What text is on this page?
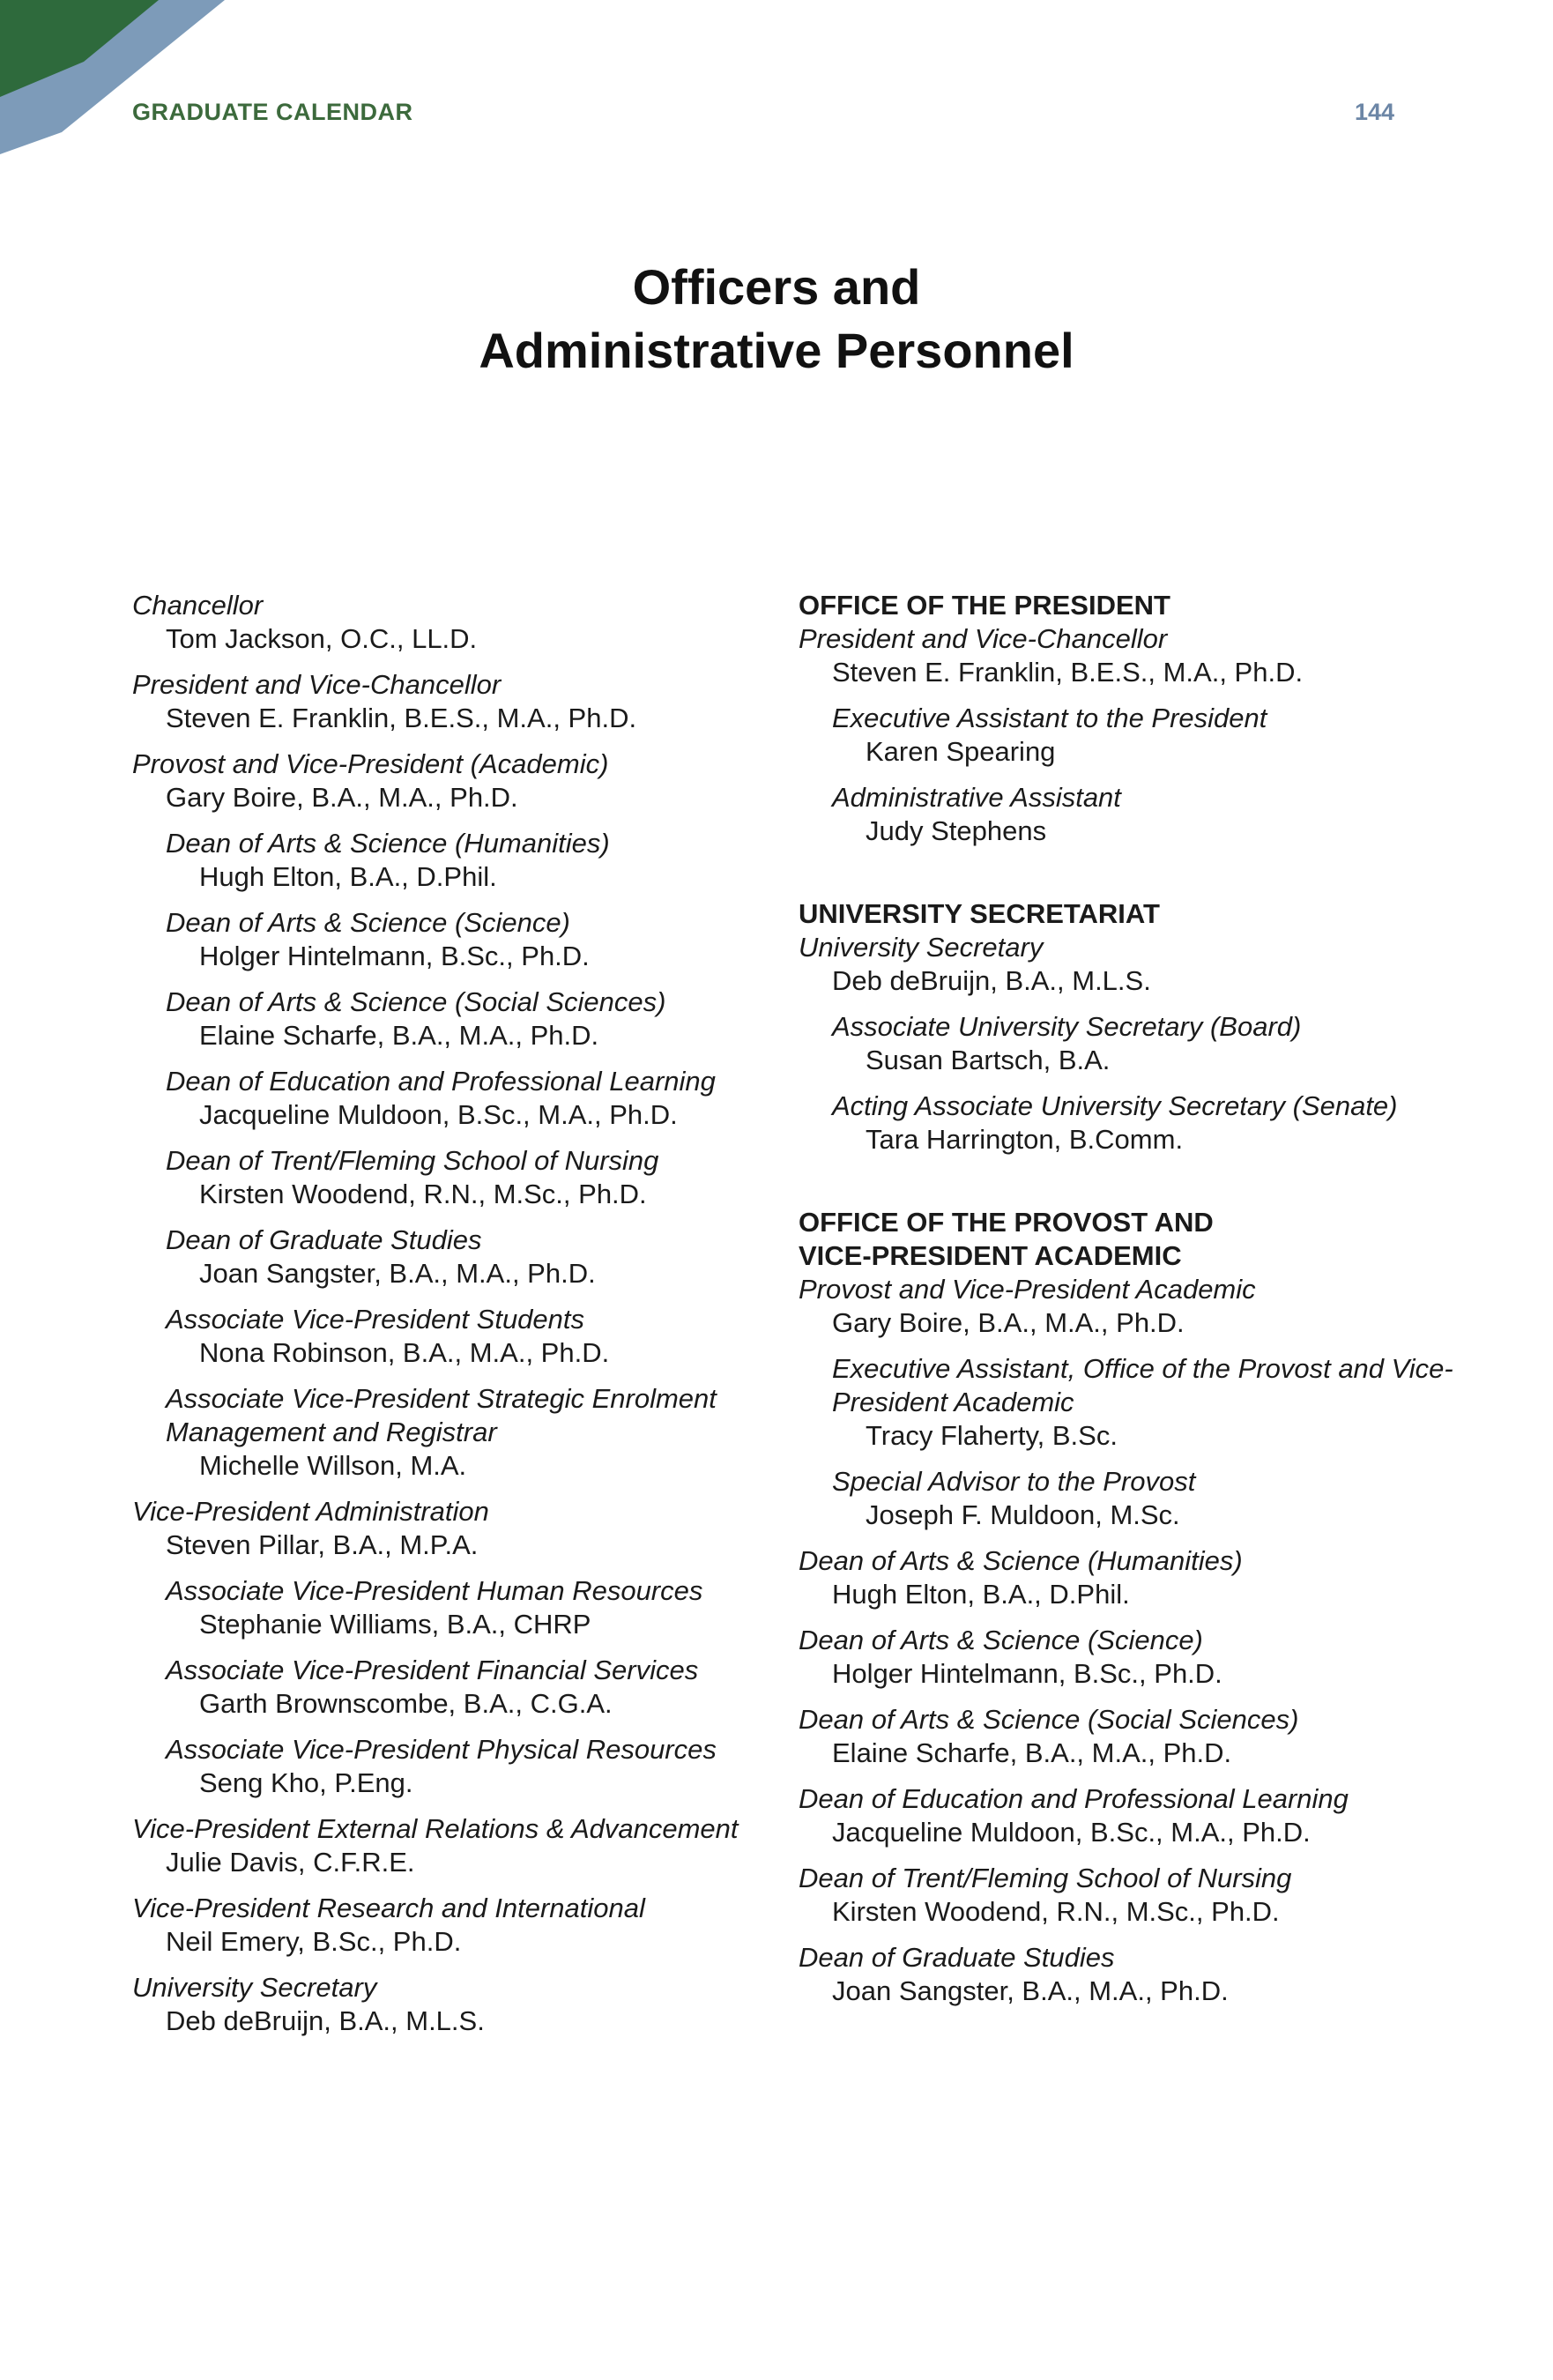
GRADUATE CALENDAR	144
Officers and
Administrative Personnel
Chancellor
Tom Jackson, O.C., LL.D.
President and Vice-Chancellor
Steven E. Franklin, B.E.S., M.A., Ph.D.
Provost and Vice-President (Academic)
Gary Boire, B.A., M.A., Ph.D.
Dean of Arts & Science (Humanities)
Hugh Elton, B.A., D.Phil.
Dean of Arts & Science (Science)
Holger Hintelmann, B.Sc., Ph.D.
Dean of Arts & Science (Social Sciences)
Elaine Scharfe, B.A., M.A., Ph.D.
Dean of Education and Professional Learning
Jacqueline Muldoon, B.Sc., M.A., Ph.D.
Dean of Trent/Fleming School of Nursing
Kirsten Woodend, R.N., M.Sc., Ph.D.
Dean of Graduate Studies
Joan Sangster, B.A., M.A., Ph.D.
Associate Vice-President Students
Nona Robinson, B.A., M.A., Ph.D.
Associate Vice-President Strategic Enrolment Management and Registrar
Michelle Willson, M.A.
Vice-President Administration
Steven Pillar, B.A., M.P.A.
Associate Vice-President Human Resources
Stephanie Williams, B.A., CHRP
Associate Vice-President Financial Services
Garth Brownscombe, B.A., C.G.A.
Associate Vice-President Physical Resources
Seng Kho, P.Eng.
Vice-President External Relations & Advancement
Julie Davis, C.F.R.E.
Vice-President Research and International
Neil Emery, B.Sc., Ph.D.
University Secretary
Deb deBruijn, B.A., M.L.S.
OFFICE OF THE PRESIDENT
President and Vice-Chancellor
Steven E. Franklin, B.E.S., M.A., Ph.D.
Executive Assistant to the President
Karen Spearing
Administrative Assistant
Judy Stephens
UNIVERSITY SECRETARIAT
University Secretary
Deb deBruijn, B.A., M.L.S.
Associate University Secretary (Board)
Susan Bartsch, B.A.
Acting Associate University Secretary (Senate)
Tara Harrington, B.Comm.
OFFICE OF THE PROVOST AND
VICE-PRESIDENT ACADEMIC
Provost and Vice-President Academic
Gary Boire, B.A., M.A., Ph.D.
Executive Assistant, Office of the Provost and Vice-President Academic
Tracy Flaherty, B.Sc.
Special Advisor to the Provost
Joseph F. Muldoon, M.Sc.
Dean of Arts & Science (Humanities)
Hugh Elton, B.A., D.Phil.
Dean of Arts & Science (Science)
Holger Hintelmann, B.Sc., Ph.D.
Dean of Arts & Science (Social Sciences)
Elaine Scharfe, B.A., M.A., Ph.D.
Dean of Education and Professional Learning
Jacqueline Muldoon, B.Sc., M.A., Ph.D.
Dean of Trent/Fleming School of Nursing
Kirsten Woodend, R.N., M.Sc., Ph.D.
Dean of Graduate Studies
Joan Sangster, B.A., M.A., Ph.D.
